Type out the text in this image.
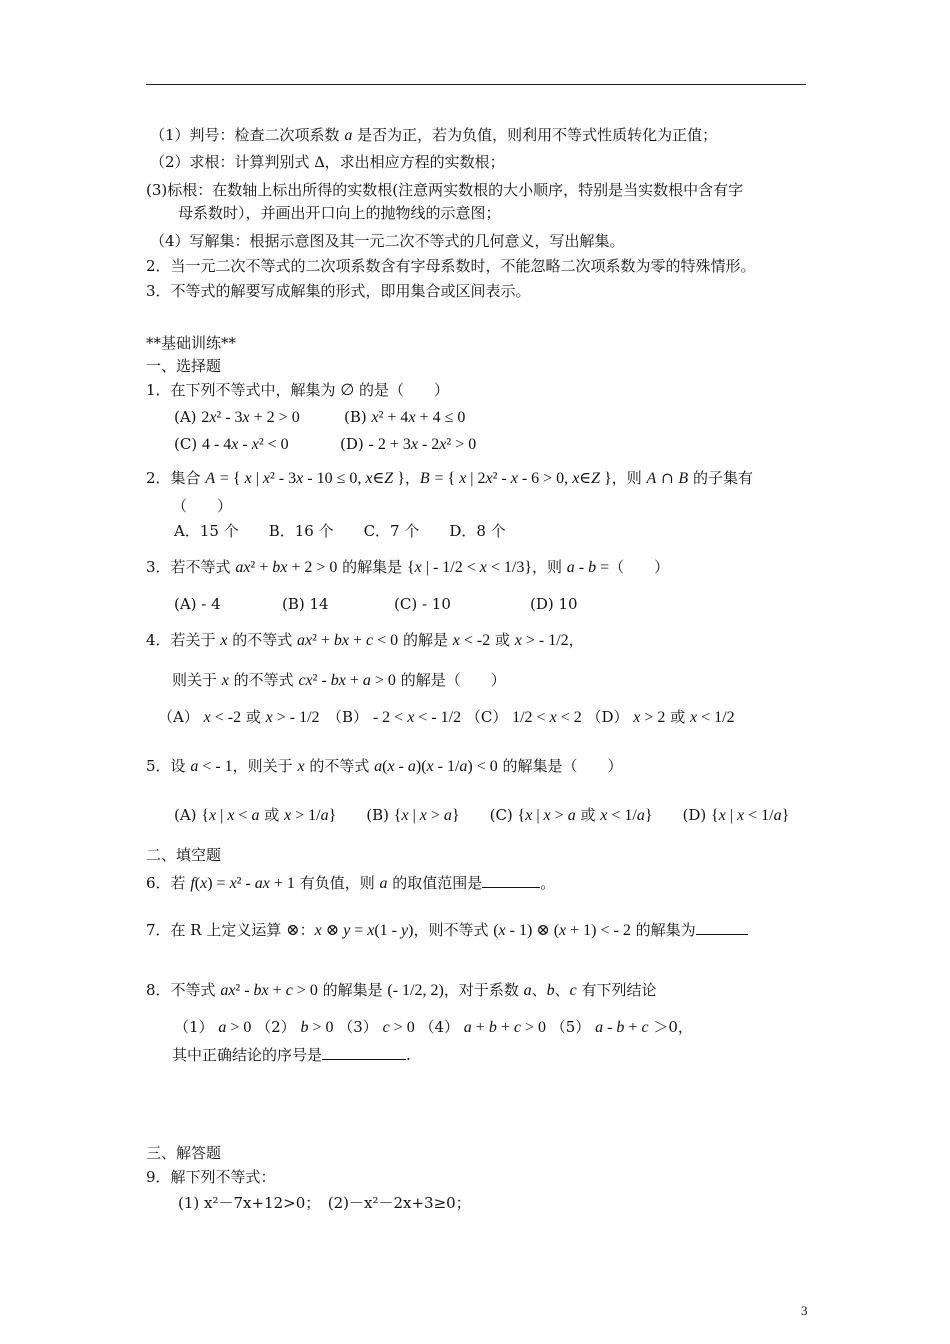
（1）判号：检查二次项系数 a 是否为正，若为负值，则利用不等式性质转化为正值；
（2）求根：计算判别式 Δ，求出相应方程的实数根；
(3)标根：在数轴上标出所得的实数根(注意两实数根的大小顺序，特别是当实数根中含有字
母系数时），并画出开口向上的抛物线的示意图；
（4）写解集：根据示意图及其一元二次不等式的几何意义，写出解集。
2．当一元二次不等式的二次项系数含有字母系数时，不能忽略二次项系数为零的特殊情形。
3．不等式的解要写成解集的形式，即用集合或区间表示。
**基础训练**
一、选择题
1．在下列不等式中，解集为 ∅ 的是（　　）
(A) 2x² - 3x + 2 > 0	(B) x² + 4x + 4 ≤ 0
(C) 4 - 4x - x² < 0	(D) - 2 + 3x - 2x² > 0
2．集合 A = { x | x² - 3x - 10 ≤ 0, x∈Z }，B = { x | 2x² - x - 6 > 0, x∈Z }，则 A ∩ B 的子集有
（　　）
A．15 个　　B．16 个　　C．7 个　　D．8 个
3．若不等式 ax² + bx + 2 > 0 的解集是 {x | - 1/2 < x < 1/3}，则 a - b =（　　）
(A) - 4	(B) 14	(C) - 10	(D) 10
4．若关于 x 的不等式 ax² + bx + c < 0 的解是 x < -2 或 x > - 1/2，
则关于 x 的不等式 cx² - bx + a > 0 的解是（　　）
（A） x < -2 或 x > - 1/2　（B） - 2 < x < - 1/2 （C） 1/2 < x < 2 （D） x > 2 或 x < 1/2
5．设 a < - 1，则关于 x 的不等式 a(x - a)(x - 1/a) < 0 的解集是（　　）
(A) {x | x < a 或 x > 1/a}　　(B) {x | x > a}　　(C) {x | x > a 或 x < 1/a}　　(D) {x | x < 1/a}
二、填空题
6．若 f(x) = x² - ax + 1 有负值，则 a 的取值范围是	。
7．在 R 上定义运算 ⊗：x ⊗ y = x(1 - y)，则不等式 (x - 1) ⊗ (x + 1) < - 2 的解集为
8．不等式 ax² - bx + c > 0 的解集是 (- 1/2, 2)，对于系数 a、b、c 有下列结论
（1） a > 0 （2） b > 0 （3） c > 0 （4） a + b + c > 0 （5） a - b + c ＞0，
其中正确结论的序号是	.
三、解答题
9．解下列不等式：
(1) x²－7x+12>0；　(2)－x²－2x+3≥0；
3
